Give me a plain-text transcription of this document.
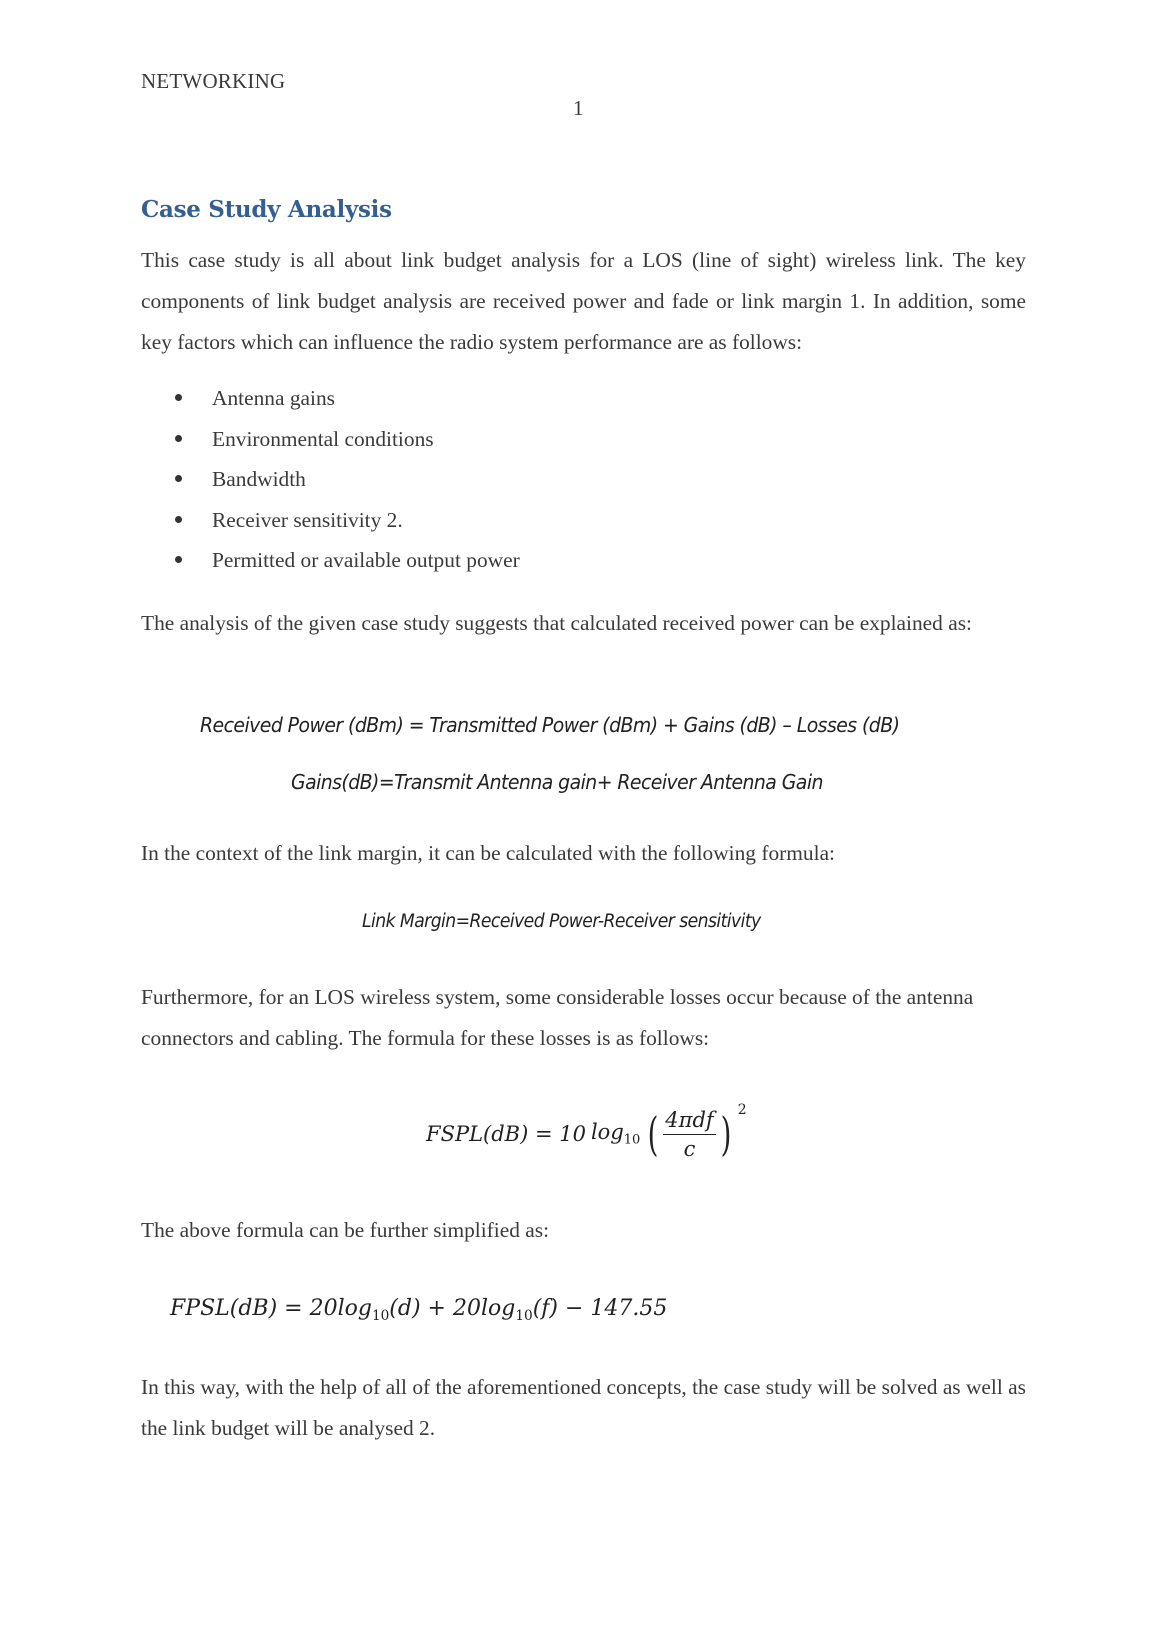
NETWORKING
1
Case Study Analysis

This case study is all about link budget analysis for a LOS (line of sight) wireless link. The key components of link budget analysis are received power and fade or link margin 1. In addition, some key factors which can influence the radio system performance are as follows:

Antenna gains
Environmental conditions
Bandwidth
Receiver sensitivity 2.
Permitted or available output power

The analysis of the given case study suggests that calculated received power can be explained as:

Received Power (dBm) = Transmitted Power (dBm) + Gains (dB) – Losses (dB)
Gains(dB)=Transmit Antenna gain+ Receiver Antenna Gain

In the context of the link margin, it can be calculated with the following formula:

Link Margin=Received Power-Receiver sensitivity

Furthermore, for an LOS wireless system, some considerable losses occur because of the antenna connectors and cabling. The formula for these losses is as follows:

FSPL(dB) = 10 $\log_{10}$ ( $\frac{\text{4πdf}}{c}$ ) 2

The above formula can be further simplified as:

FPSL(dB) = $20\log_{10}(d) + 20\log_{10}(f) - 147.55$

In this way, with the help of all of the aforementioned concepts, the case study will be solved as well as the link budget will be analysed 2.
